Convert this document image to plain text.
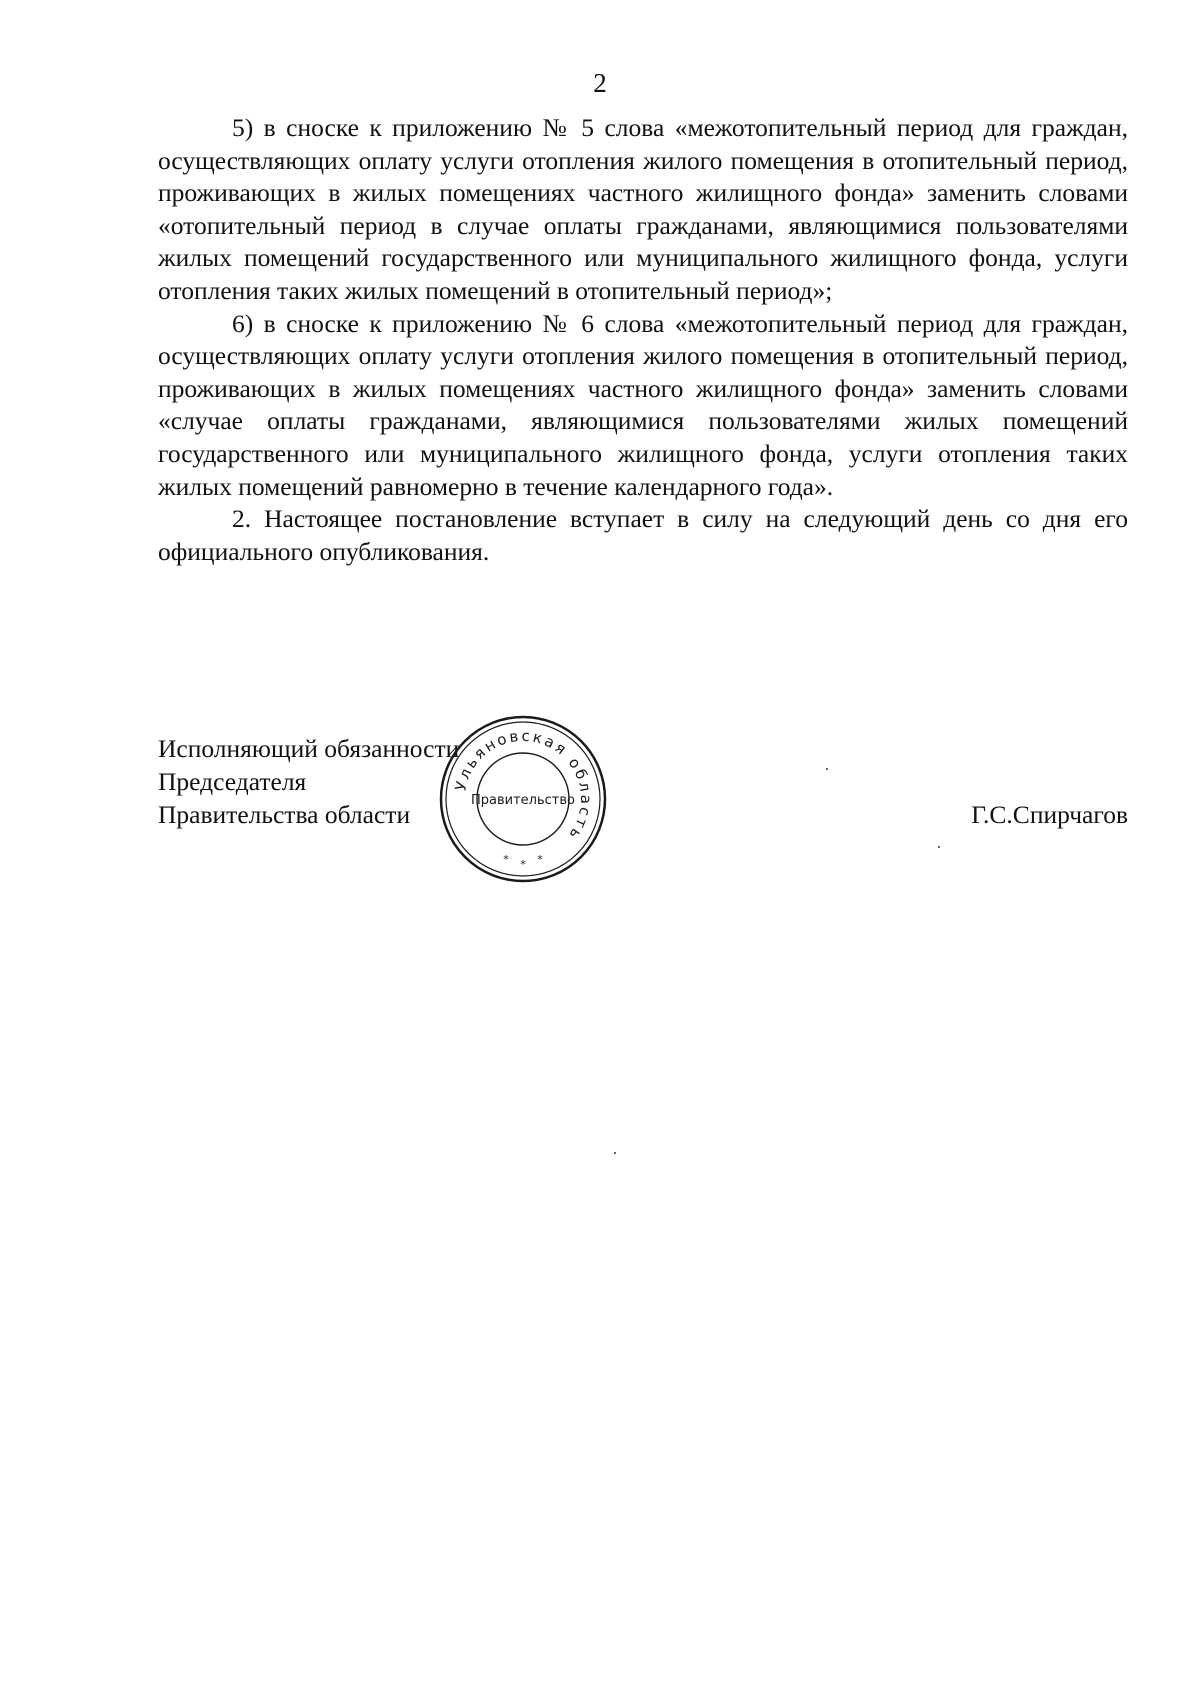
2

5) в сноске к приложению № 5 слова «межотопительный период для граждан, осуществляющих оплату услуги отопления жилого помещения в отопительный период, проживающих в жилых помещениях частного жилищного фонда» заменить словами «отопительный период в случае оплаты гражданами, являющимися пользователями жилых помещений государственного или муниципального жилищного фонда, услуги отопления таких жилых помещений в отопительный период»;

6) в сноске к приложению № 6 слова «межотопительный период для граждан, осуществляющих оплату услуги отопления жилого помещения в отопительный период, проживающих в жилых помещениях частного жилищного фонда» заменить словами «случае оплаты гражданами, являющимися пользователями жилых помещений государственного или муниципального жилищного фонда, услуги отопления таких жилых помещений равномерно в течение календарного года».

2. Настоящее постановление вступает в силу на следующий день со дня его официального опубликования.

Исполняющий обязанности
Председателя
Правительства области	Г.С.Спирчагов
Ульяновская область
Правительство
* * *
